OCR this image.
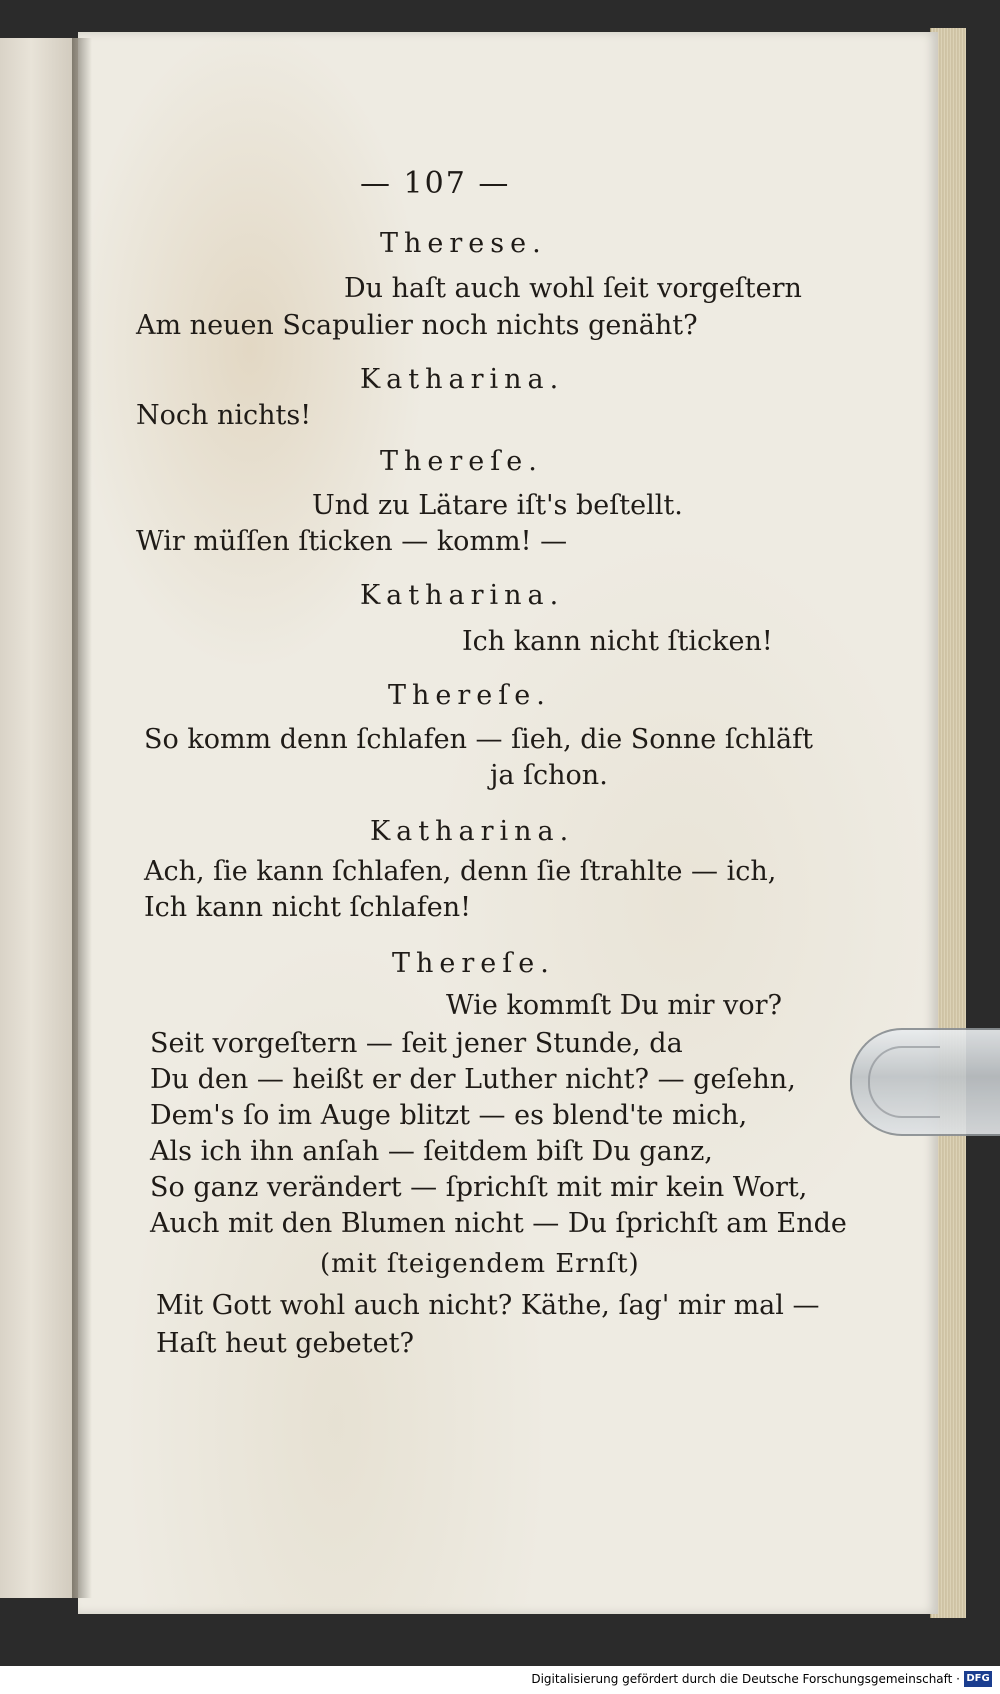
— 107 —
Therese.
Du haſt auch wohl ſeit vorgeſtern
Am neuen Scapulier noch nichts genäht?
Katharina.
Noch nichts!
Thereſe.
Und zu Lätare iſt's beſtellt.
Wir müſſen ſticken — komm! —
Katharina.
Ich kann nicht ſticken!
Thereſe.
So komm denn ſchlafen — ſieh, die Sonne ſchläft
ja ſchon.
Katharina.
Ach, ſie kann ſchlafen, denn ſie ſtrahlte — ich,
Ich kann nicht ſchlafen!
Thereſe.
Wie kommſt Du mir vor?
Seit vorgeſtern — ſeit jener Stunde, da
Du den — heißt er der Luther nicht? — geſehn,
Dem's ſo im Auge blitzt — es blend'te mich,
Als ich ihn anſah — ſeitdem biſt Du ganz,
So ganz verändert — ſprichſt mit mir kein Wort,
Auch mit den Blumen nicht — Du ſprichſt am Ende
(mit ſteigendem Ernſt)
Mit Gott wohl auch nicht? Käthe, ſag' mir mal —
Haſt heut gebetet?
Digitalisierung gefördert durch die Deutsche Forschungsgemeinschaft · DFG
